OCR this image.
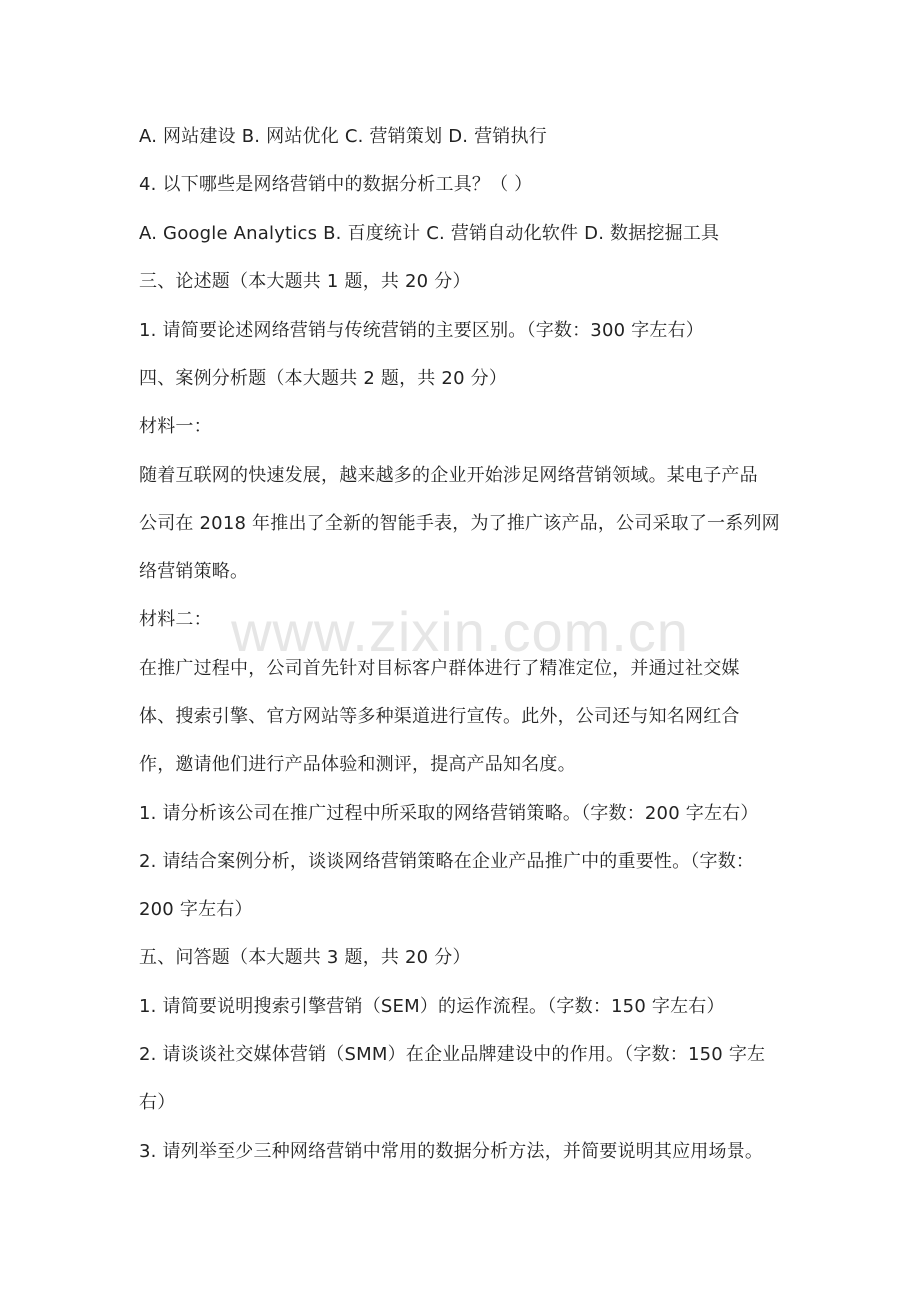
www.zixin.com.cn
A. 网站建设 B. 网站优化 C. 营销策划 D. 营销执行
4. 以下哪些是网络营销中的数据分析工具？（ ）
A. Google Analytics B. 百度统计 C. 营销自动化软件 D. 数据挖掘工具
三、论述题（本大题共 1 题，共 20 分）
1. 请简要论述网络营销与传统营销的主要区别。（字数：300 字左右）
四、案例分析题（本大题共 2 题，共 20 分）
材料一：
随着互联网的快速发展，越来越多的企业开始涉足网络营销领域。某电子产品
公司在 2018 年推出了全新的智能手表，为了推广该产品，公司采取了一系列网
络营销策略。
材料二：
在推广过程中，公司首先针对目标客户群体进行了精准定位，并通过社交媒
体、搜索引擎、官方网站等多种渠道进行宣传。此外，公司还与知名网红合
作，邀请他们进行产品体验和测评，提高产品知名度。
1. 请分析该公司在推广过程中所采取的网络营销策略。（字数：200 字左右）
2. 请结合案例分析，谈谈网络营销策略在企业产品推广中的重要性。（字数：
200 字左右）
五、问答题（本大题共 3 题，共 20 分）
1. 请简要说明搜索引擎营销（SEM）的运作流程。（字数：150 字左右）
2. 请谈谈社交媒体营销（SMM）在企业品牌建设中的作用。（字数：150 字左
右）
3. 请列举至少三种网络营销中常用的数据分析方法，并简要说明其应用场景。
